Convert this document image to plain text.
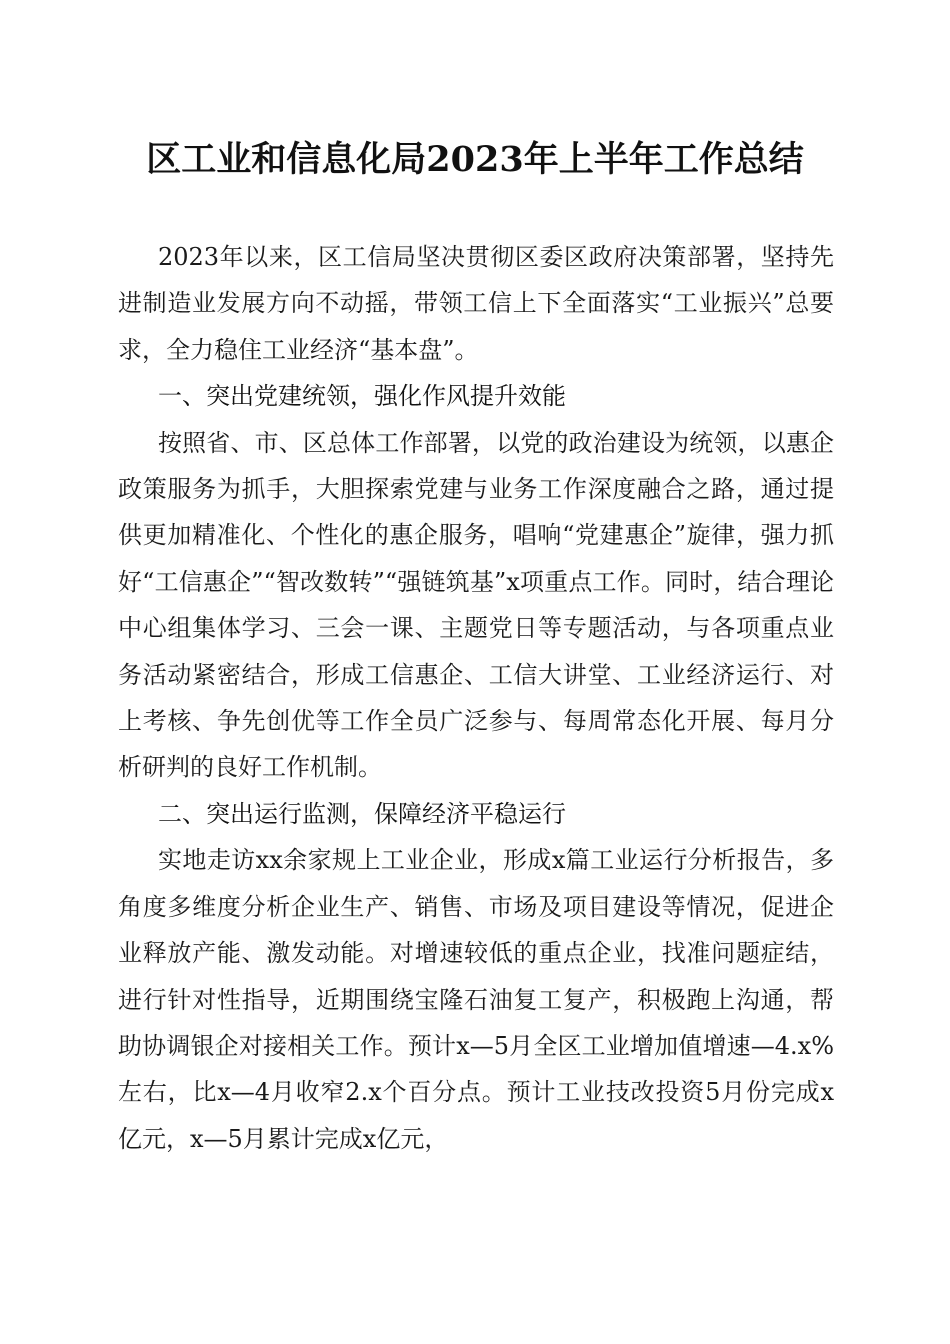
区工业和信息化局2023年上半年工作总结

2023年以来，区工信局坚决贯彻区委区政府决策部署，坚持先进制造业发展方向不动摇，带领工信上下全面落实“工业振兴”总要求，全力稳住工业经济“基本盘”。

一、突出党建统领，强化作风提升效能

按照省、市、区总体工作部署，以党的政治建设为统领，以惠企政策服务为抓手，大胆探索党建与业务工作深度融合之路，通过提供更加精准化、个性化的惠企服务，唱响“党建惠企”旋律，强力抓好“工信惠企”“智改数转”“强链筑基”x项重点工作。同时，结合理论中心组集体学习、三会一课、主题党日等专题活动，与各项重点业务活动紧密结合，形成工信惠企、工信大讲堂、工业经济运行、对上考核、争先创优等工作全员广泛参与、每周常态化开展、每月分析研判的良好工作机制。

二、突出运行监测，保障经济平稳运行

实地走访xx余家规上工业企业，形成x篇工业运行分析报告，多角度多维度分析企业生产、销售、市场及项目建设等情况，促进企业释放产能、激发动能。对增速较低的重点企业，找准问题症结，进行针对性指导，近期围绕宝隆石油复工复产，积极跑上沟通，帮助协调银企对接相关工作。预计x—5月全区工业增加值增速—4.x%左右，比x—4月收窄2.x个百分点。预计工业技改投资5月份完成x亿元，x—5月累计完成x亿元，
